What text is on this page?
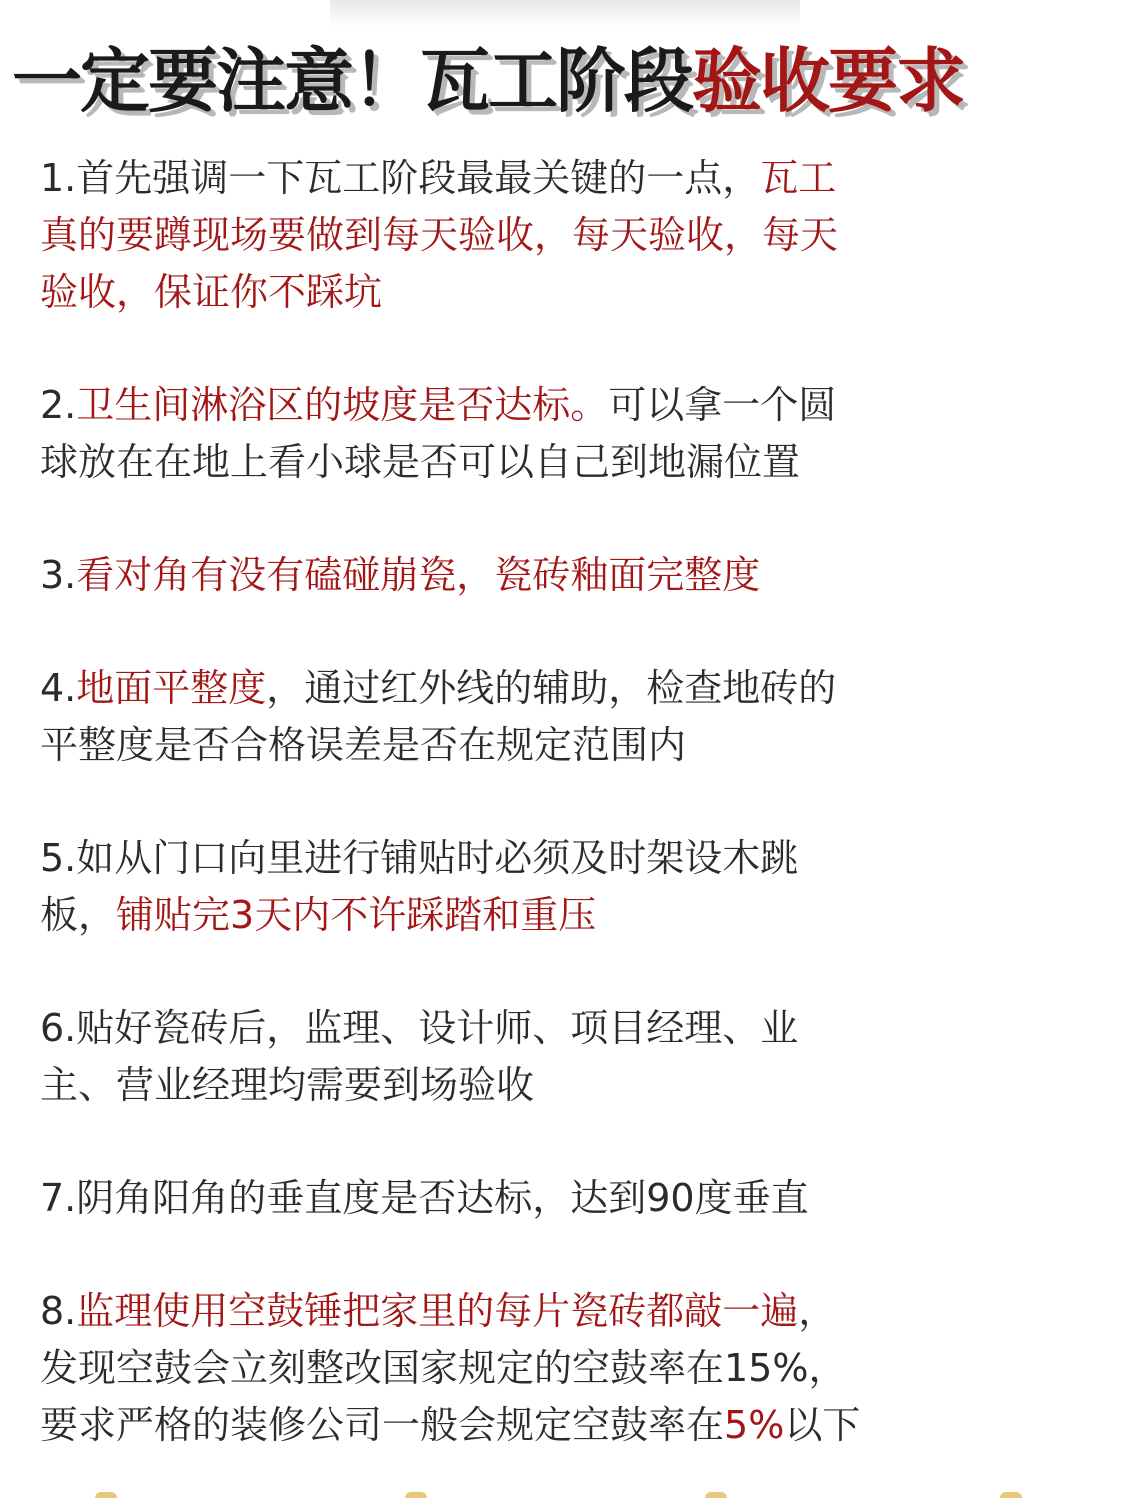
一定要注意！瓦工阶段验收要求

1.首先强调一下瓦工阶段最最关键的一点，瓦工

真的要蹲现场要做到每天验收，每天验收，每天

验收，保证你不踩坑

2.卫生间淋浴区的坡度是否达标。可以拿一个圆

球放在在地上看小球是否可以自己到地漏位置

3.看对角有没有磕碰崩瓷，瓷砖釉面完整度

4.地面平整度，通过红外线的辅助，检查地砖的

平整度是否合格误差是否在规定范围内

5.如从门口向里进行铺贴时必须及时架设木跳

板，铺贴完3天内不许踩踏和重压

6.贴好瓷砖后，监理、设计师、项目经理、业

主、营业经理均需要到场验收

7.阴角阳角的垂直度是否达标，达到90度垂直

8.监理使用空鼓锤把家里的每片瓷砖都敲一遍，

发现空鼓会立刻整改国家规定的空鼓率在15%，

要求严格的装修公司一般会规定空鼓率在5%以下
